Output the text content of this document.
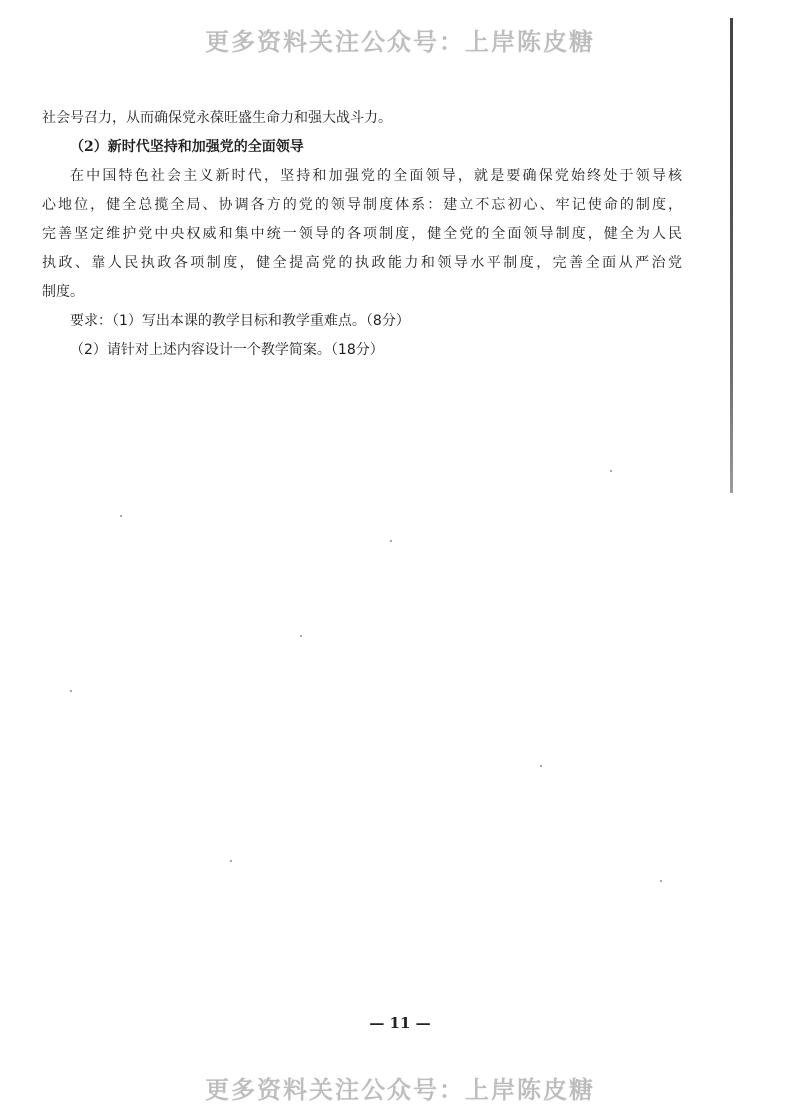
更多资料关注公众号：上岸陈皮糖

社会号召力，从而确保党永葆旺盛生命力和强大战斗力。

（2）新时代坚持和加强党的全面领导

在中国特色社会主义新时代，坚持和加强党的全面领导，就是要确保党始终处于领导核

心地位，健全总揽全局、协调各方的党的领导制度体系：建立不忘初心、牢记使命的制度，

完善坚定维护党中央权威和集中统一领导的各项制度，健全党的全面领导制度，健全为人民

执政、靠人民执政各项制度，健全提高党的执政能力和领导水平制度，完善全面从严治党

制度。

要求：（1）写出本课的教学目标和教学重难点。（8分）

（2）请针对上述内容设计一个教学简案。（18分）

— 11 —
更多资料关注公众号：上岸陈皮糖
